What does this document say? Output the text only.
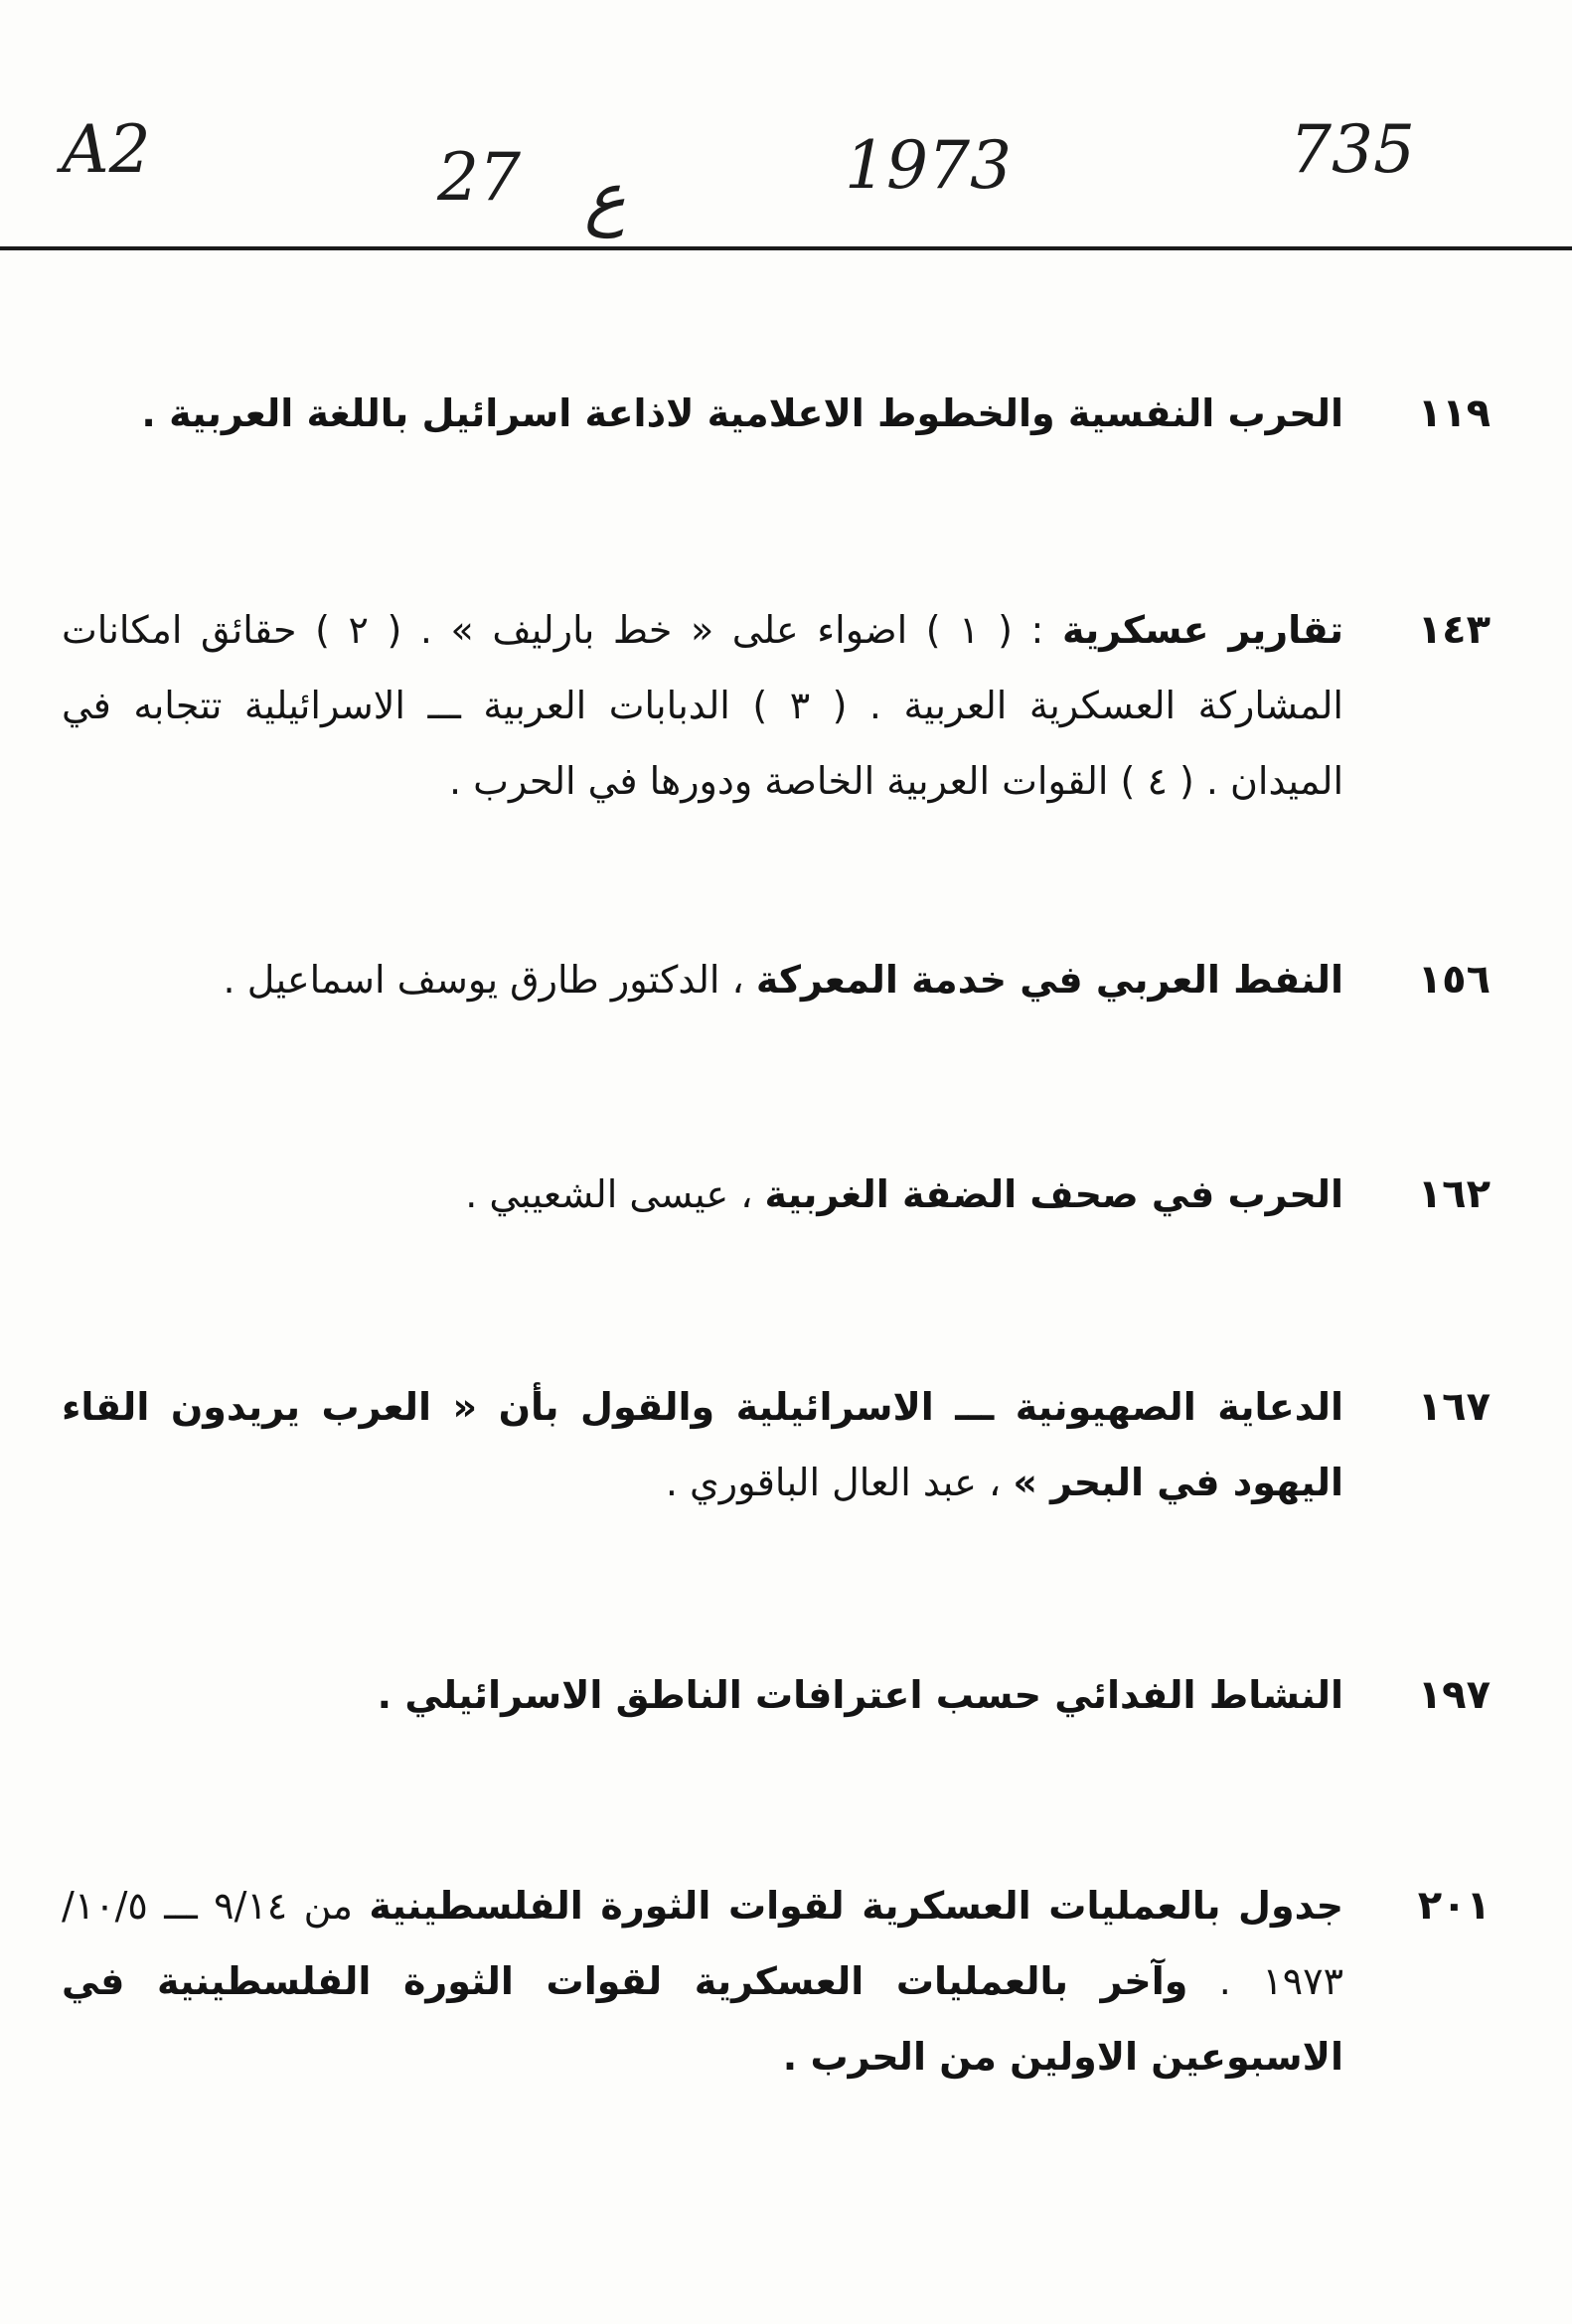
A2	27 ع	1973	735
١١٩
الحرب النفسية والخطوط الاعلامية لاذاعة اسرائيل باللغة العربية .
١٤٣
تقارير عسكرية : ( ١ ) اضواء على « خط بارليف » . ( ٢ ) حقائق امكانات المشاركة العسكرية العربية . ( ٣ ) الدبابات العربية ـــ الاسرائيلية تتجابه في الميدان . ( ٤ ) القوات العربية الخاصة ودورها في الحرب .
١٥٦
النفط العربي في خدمة المعركة ، الدكتور طارق يوسف اسماعيل .
١٦٢
الحرب في صحف الضفة الغربية ، عيسى الشعيبي .
١٦٧
الدعاية الصهيونية ـــ الاسرائيلية والقول بأن « العرب يريدون القاء اليهود في البحر » ، عبد العال الباقوري .
١٩٧
النشاط الفدائي حسب اعترافات الناطق الاسرائيلي .
٢٠١
جدول بالعمليات العسكرية لقوات الثورة الفلسطينية من ٩/١٤ ـــ ١٠/٥/ ١٩٧٣ . وآخر بالعمليات العسكرية لقوات الثورة الفلسطينية في الاسبوعين الاولين من الحرب .
